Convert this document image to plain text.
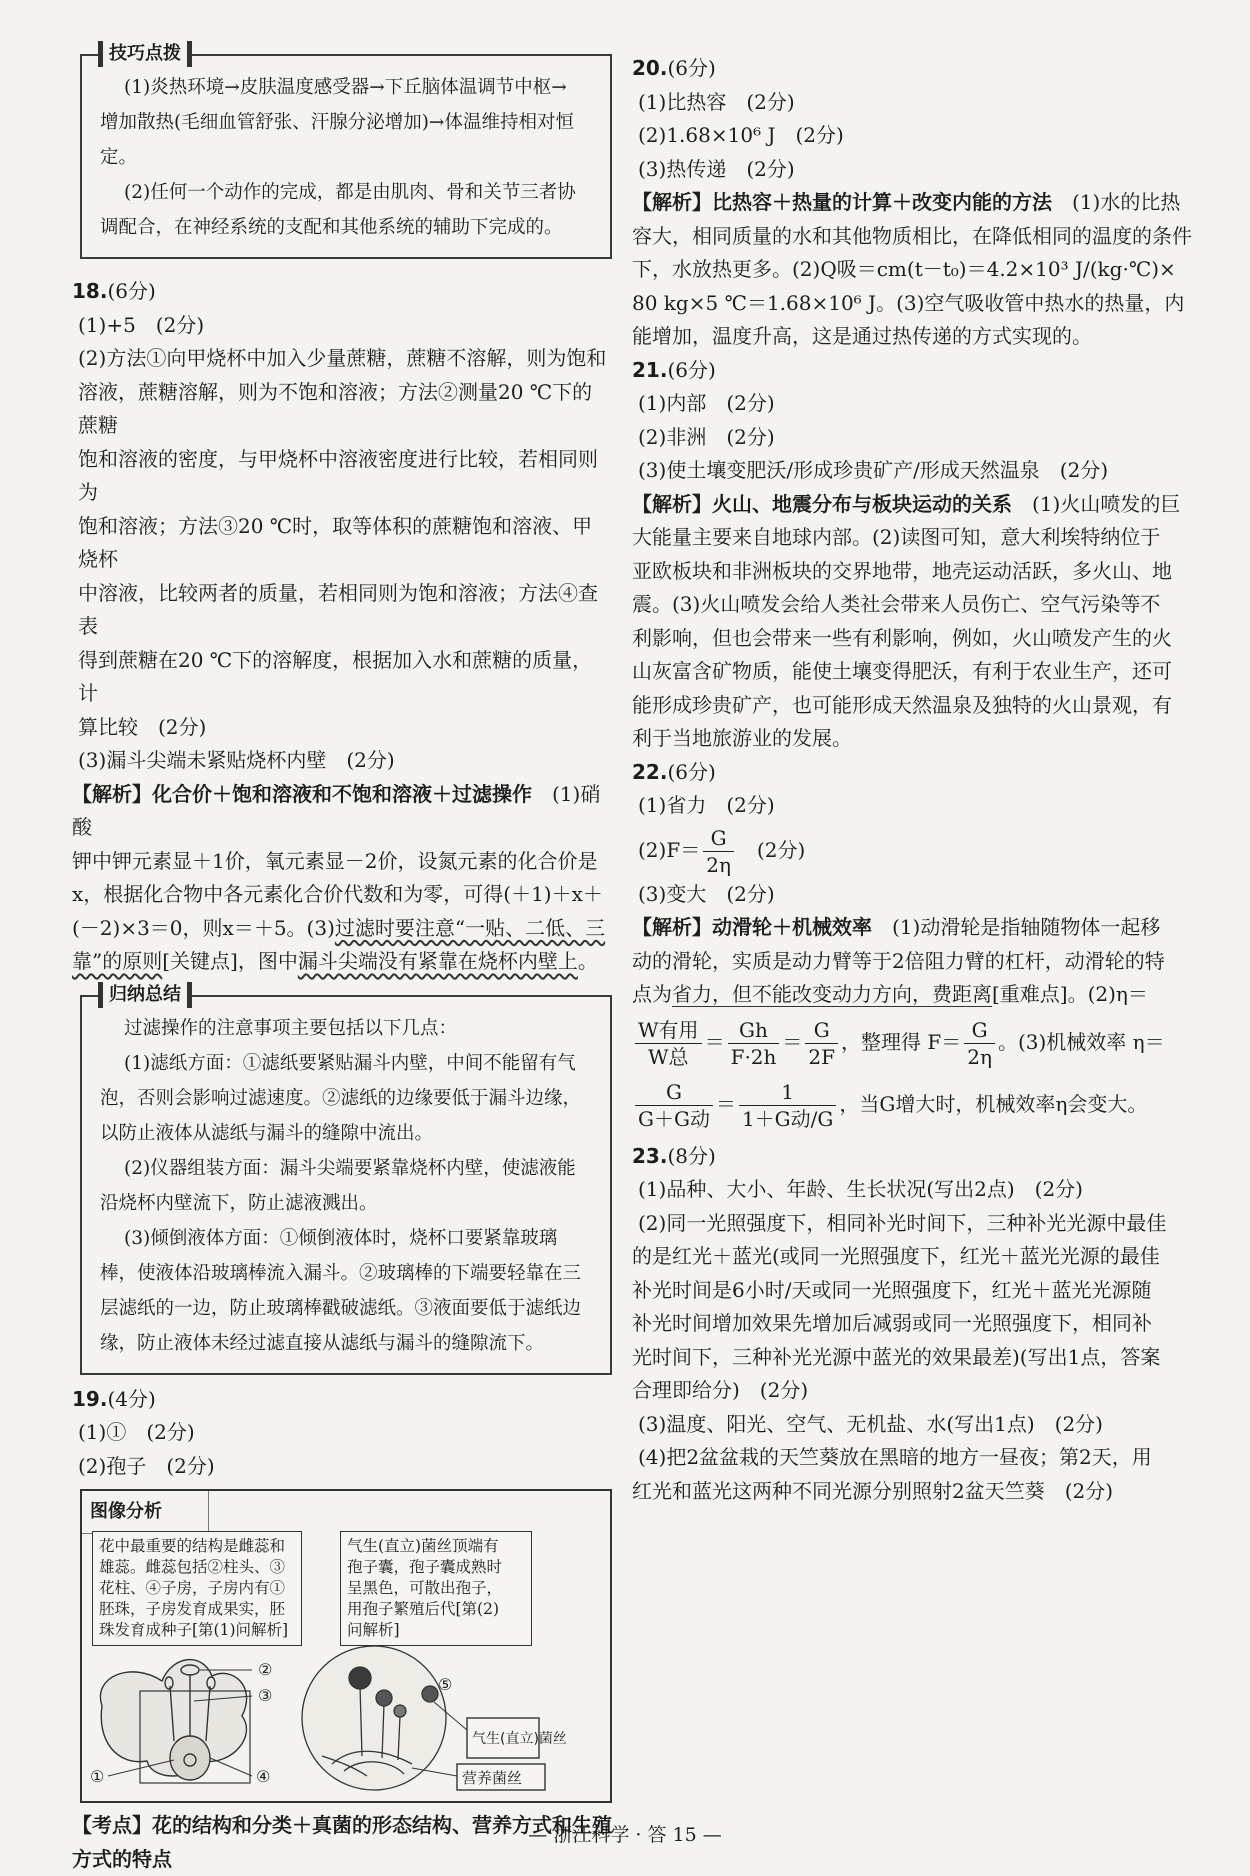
技巧点拨

(1)炎热环境→皮肤温度感受器→下丘脑体温调节中枢→

增加散热(毛细血管舒张、汗腺分泌增加)→体温维持相对恒定。

(2)任何一个动作的完成，都是由肌肉、骨和关节三者协

调配合，在神经系统的支配和其他系统的辅助下完成的。

18.(6分)

(1)+5　(2分)

(2)方法①向甲烧杯中加入少量蔗糖，蔗糖不溶解，则为饱和

溶液，蔗糖溶解，则为不饱和溶液；方法②测量20 ℃下的蔗糖

饱和溶液的密度，与甲烧杯中溶液密度进行比较，若相同则为

饱和溶液；方法③20 ℃时，取等体积的蔗糖饱和溶液、甲烧杯

中溶液，比较两者的质量，若相同则为饱和溶液；方法④查表

得到蔗糖在20 ℃下的溶解度，根据加入水和蔗糖的质量，计

算比较　(2分)

(3)漏斗尖端未紧贴烧杯内壁　(2分)

【解析】化合价＋饱和溶液和不饱和溶液＋过滤操作　(1)硝酸

钾中钾元素显＋1价，氧元素显－2价，设氮元素的化合价是

x，根据化合物中各元素化合价代数和为零，可得(＋1)＋x＋

(－2)×3＝0，则x＝＋5。(3)过滤时要注意“一贴、二低、三

靠”的原则[关键点]，图中漏斗尖端没有紧靠在烧杯内壁上。

归纳总结

过滤操作的注意事项主要包括以下几点：

(1)滤纸方面：①滤纸要紧贴漏斗内壁，中间不能留有气

泡，否则会影响过滤速度。②滤纸的边缘要低于漏斗边缘，

以防止液体从滤纸与漏斗的缝隙中流出。

(2)仪器组装方面：漏斗尖端要紧靠烧杯内壁，使滤液能

沿烧杯内壁流下，防止滤液溅出。

(3)倾倒液体方面：①倾倒液体时，烧杯口要紧靠玻璃

棒，使液体沿玻璃棒流入漏斗。②玻璃棒的下端要轻靠在三

层滤纸的一边，防止玻璃棒戳破滤纸。③液面要低于滤纸边

缘，防止液体未经过滤直接从滤纸与漏斗的缝隙流下。

19.(4分)

(1)①　(2分)

(2)孢子　(2分)

图像分析
花中最重要的结构是雌蕊和
雄蕊。雌蕊包括②柱头、③
花柱、④子房，子房内有①
胚珠，子房发育成果实，胚
珠发育成种子[第(1)问解析]
气生(直立)菌丝顶端有
孢子囊，孢子囊成熟时
呈黑色，可散出孢子，
用孢子繁殖后代[第(2)
问解析]
②
③
①	④
⑤
气生(直立)菌丝
营养菌丝

【考点】花的结构和分类＋真菌的形态结构、营养方式和生殖

方式的特点

20.(6分)

(1)比热容　(2分)

(2)1.68×10⁶ J　(2分)

(3)热传递　(2分)

【解析】比热容＋热量的计算＋改变内能的方法　(1)水的比热

容大，相同质量的水和其他物质相比，在降低相同的温度的条件

下，水放热更多。(2)Q吸＝cm(t－t₀)＝4.2×10³ J/(kg·℃)×

80 kg×5 ℃＝1.68×10⁶ J。(3)空气吸收管中热水的热量，内

能增加，温度升高，这是通过热传递的方式实现的。

21.(6分)

(1)内部　(2分)

(2)非洲　(2分)

(3)使土壤变肥沃/形成珍贵矿产/形成天然温泉　(2分)

【解析】火山、地震分布与板块运动的关系　(1)火山喷发的巨

大能量主要来自地球内部。(2)读图可知，意大利埃特纳位于

亚欧板块和非洲板块的交界地带，地壳运动活跃，多火山、地

震。(3)火山喷发会给人类社会带来人员伤亡、空气污染等不

利影响，但也会带来一些有利影响，例如，火山喷发产生的火

山灰富含矿物质，能使土壤变得肥沃，有利于农业生产，还可

能形成珍贵矿产，也可能形成天然温泉及独特的火山景观，有

利于当地旅游业的发展。

22.(6分)

(1)省力　(2分)

$(2)F= \frac{G}{2\eta}$ 　(2分)

(3)变大　(2分)

【解析】动滑轮＋机械效率　(1)动滑轮是指轴随物体一起移

动的滑轮，实质是动力臂等于2倍阻力臂的杠杆，动滑轮的特

点为省力，但不能改变动力方向，费距离[重难点]。(2)η＝

$\frac{\text{W有用}}{\text{W总}} = \frac{Gh}{F\cdot 2h} = \frac{G}{2F}$ ，整理得 $F= \frac{G}{2\eta}$ 。(3)机械效率 η＝

$\frac{G}{\text{G＋G动}} = \frac{1}{\text{1＋G动/G}}$ ，当G增大时，机械效率η会变大。

23.(8分)

(1)品种、大小、年龄、生长状况(写出2点)　(2分)

(2)同一光照强度下，相同补光时间下，三种补光光源中最佳

的是红光＋蓝光(或同一光照强度下，红光＋蓝光光源的最佳

补光时间是6小时/天或同一光照强度下，红光＋蓝光光源随

补光时间增加效果先增加后减弱或同一光照强度下，相同补

光时间下，三种补光光源中蓝光的效果最差)(写出1点，答案

合理即给分)　(2分)

(3)温度、阳光、空气、无机盐、水(写出1点)　(2分)

(4)把2盆盆栽的天竺葵放在黑暗的地方一昼夜；第2天，用

红光和蓝光这两种不同光源分别照射2盆天竺葵　(2分)

— 浙江科学 · 答 15 —
